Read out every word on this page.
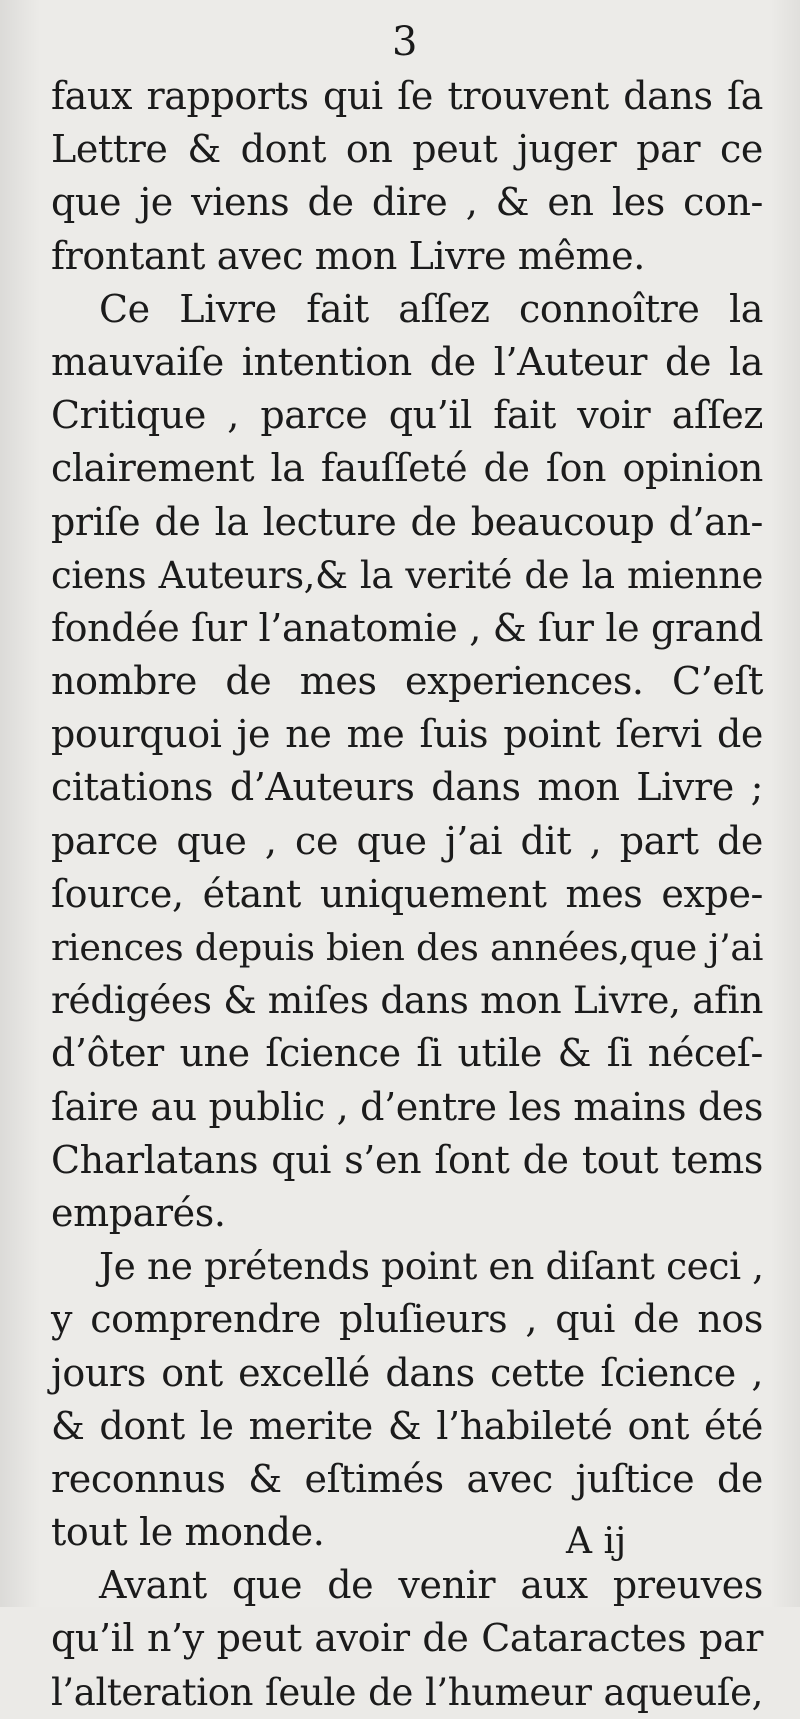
3
faux rapports qui ſe trouvent dans ſa
Lettre & dont on peut juger par ce
que je viens de dire , & en les con-
frontant avec mon Livre même.
Ce Livre fait aſſez connoître la
mauvaiſe intention de l’Auteur de la
Critique , parce qu’il fait voir aſſez
clairement la fauſſeté de ſon opinion
priſe de la lecture de beaucoup d’an-
ciens Auteurs,& la verité de la mienne
fondée ſur l’anatomie , & ſur le grand
nombre de mes experiences. C’eſt
pourquoi je ne me ſuis point ſervi de
citations d’Auteurs dans mon Livre ;
parce que , ce que j’ai dit , part de
ſource, étant uniquement mes expe-
riences depuis bien des années,que j’ai
rédigées & miſes dans mon Livre, afin
d’ôter une ſcience ſi utile & ſi néceſ-
ſaire au public , d’entre les mains des
Charlatans qui s’en ſont de tout tems
emparés.
Je ne prétends point en diſant ceci ,
y comprendre pluſieurs , qui de nos
jours ont excellé dans cette ſcience ,
& dont le merite & l’habileté ont été
reconnus & eſtimés avec juſtice de
tout le monde.
Avant que de venir aux preuves
qu’il n’y peut avoir de Cataractes par
l’alteration ſeule de l’humeur aqueuſe,
A ij
